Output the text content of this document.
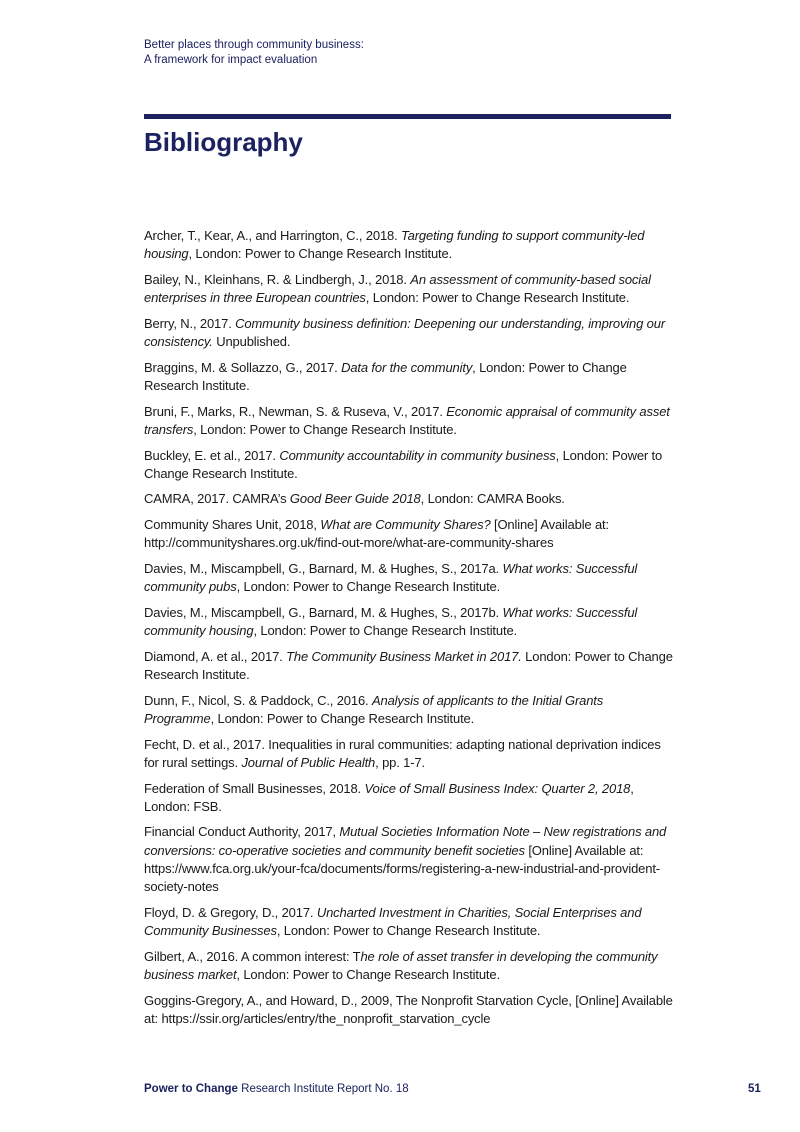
Better places through community business:
A framework for impact evaluation
Bibliography

Archer, T., Kear, A., and Harrington, C., 2018. Targeting funding to support community-led housing, London: Power to Change Research Institute.

Bailey, N., Kleinhans, R. & Lindbergh, J., 2018. An assessment of community-based social enterprises in three European countries, London: Power to Change Research Institute.

Berry, N., 2017. Community business definition: Deepening our understanding, improving our consistency. Unpublished.

Braggins, M. & Sollazzo, G., 2017. Data for the community, London: Power to Change Research Institute.

Bruni, F., Marks, R., Newman, S. & Ruseva, V., 2017. Economic appraisal of community asset transfers, London: Power to Change Research Institute.

Buckley, E. et al., 2017. Community accountability in community business, London: Power to Change Research Institute.

CAMRA, 2017. CAMRA’s Good Beer Guide 2018, London: CAMRA Books.

Community Shares Unit, 2018, What are Community Shares? [Online] Available at: http://communityshares.org.uk/find-out-more/what-are-community-shares

Davies, M., Miscampbell, G., Barnard, M. & Hughes, S., 2017a. What works: Successful community pubs, London: Power to Change Research Institute.

Davies, M., Miscampbell, G., Barnard, M. & Hughes, S., 2017b. What works: Successful community housing, London: Power to Change Research Institute.

Diamond, A. et al., 2017. The Community Business Market in 2017. London: Power to Change Research Institute.

Dunn, F., Nicol, S. & Paddock, C., 2016. Analysis of applicants to the Initial Grants Programme, London: Power to Change Research Institute.

Fecht, D. et al., 2017. Inequalities in rural communities: adapting national deprivation indices for rural settings. Journal of Public Health, pp. 1-7.

Federation of Small Businesses, 2018. Voice of Small Business Index: Quarter 2, 2018, London: FSB.

Financial Conduct Authority, 2017, Mutual Societies Information Note – New registrations and conversions: co-operative societies and community benefit societies [Online] Available at: https://www.fca.org.uk/your-fca/documents/forms/registering-a-new-industrial-and-provident-society-notes

Floyd, D. & Gregory, D., 2017. Uncharted Investment in Charities, Social Enterprises and Community Businesses, London: Power to Change Research Institute.

Gilbert, A., 2016. A common interest: The role of asset transfer in developing the community business market, London: Power to Change Research Institute.

Goggins-Gregory, A., and Howard, D., 2009, The Nonprofit Starvation Cycle, [Online] Available at: https://ssir.org/articles/entry/the_nonprofit_starvation_cycle

Power to Change Research Institute Report No. 18	51
